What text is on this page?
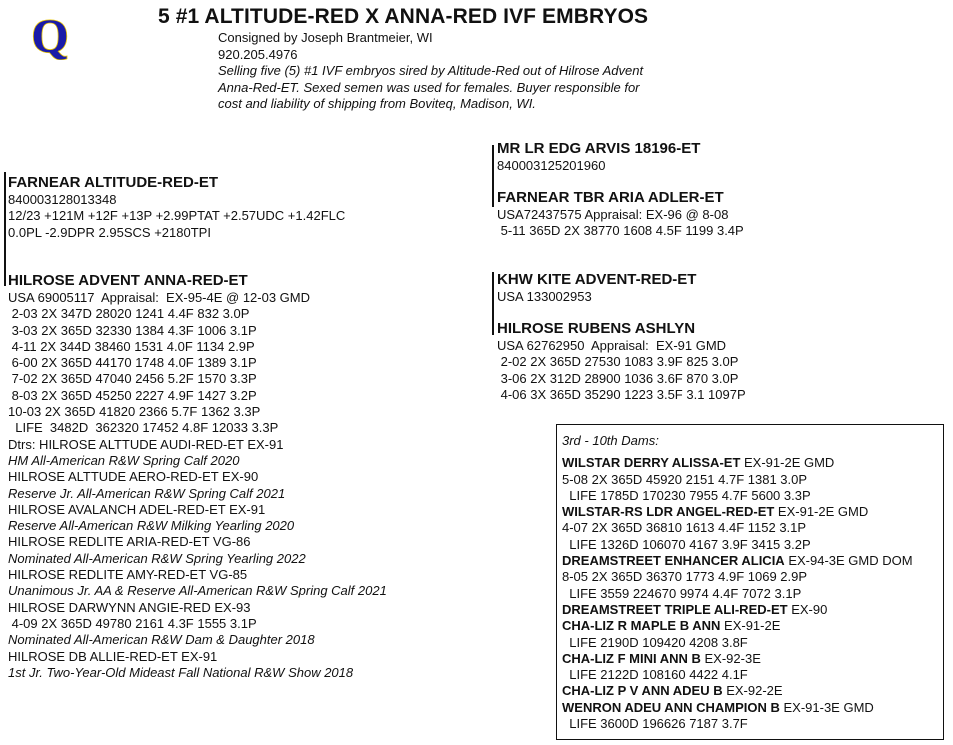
Q	5 #1 ALTITUDE-RED X ANNA-RED IVF EMBRYOS
Consigned by Joseph Brantmeier, WI
920.205.4976
Selling five (5) #1 IVF embryos sired by Altitude-Red out of Hilrose Advent
Anna-Red-ET. Sexed semen was used for females. Buyer responsible for
cost and liability of shipping from Boviteq, Madison, WI.
FARNEAR ALTITUDE-RED-ET
840003128013348
12/23 +121M +12F +13P +2.99PTAT +2.57UDC +1.42FLC
0.0PL -2.9DPR 2.95SCS +2180TPI
MR LR EDG ARVIS 18196-ET
840003125201960
FARNEAR TBR ARIA ADLER-ET
USA72437575 Appraisal: EX-96 @ 8-08
5-11 365D 2X 38770 1608 4.5F 1199 3.4P
HILROSE ADVENT ANNA-RED-ET
USA 69005117  Appraisal:  EX-95-4E @ 12-03 GMD
2-03 2X 347D 28020 1241 4.4F 832 3.0P
3-03 2X 365D 32330 1384 4.3F 1006 3.1P
4-11 2X 344D 38460 1531 4.0F 1134 2.9P
6-00 2X 365D 44170 1748 4.0F 1389 3.1P
7-02 2X 365D 47040 2456 5.2F 1570 3.3P
8-03 2X 365D 45250 2227 4.9F 1427 3.2P
10-03 2X 365D 41820 2366 5.7F 1362 3.3P
LIFE  3482D  362320 17452 4.8F 12033 3.3P
Dtrs: HILROSE ALTTUDE AUDI-RED-ET EX-91
HM All-American R&W Spring Calf 2020
HILROSE ALTTUDE AERO-RED-ET EX-90
Reserve Jr. All-American R&W Spring Calf 2021
HILROSE AVALANCH ADEL-RED-ET EX-91
Reserve All-American R&W Milking Yearling 2020
HILROSE REDLITE ARIA-RED-ET VG-86
Nominated All-American R&W Spring Yearling 2022
HILROSE REDLITE AMY-RED-ET VG-85
Unanimous Jr. AA & Reserve All-American R&W Spring Calf 2021
HILROSE DARWYNN ANGIE-RED EX-93
4-09 2X 365D 49780 2161 4.3F 1555 3.1P
Nominated All-American R&W Dam & Daughter 2018
HILROSE DB ALLIE-RED-ET EX-91
1st Jr. Two-Year-Old Mideast Fall National R&W Show 2018
KHW KITE ADVENT-RED-ET
USA 133002953
HILROSE RUBENS ASHLYN
USA 62762950  Appraisal:  EX-91 GMD
2-02 2X 365D 27530 1083 3.9F 825 3.0P
3-06 2X 312D 28900 1036 3.6F 870 3.0P
4-06 3X 365D 35290 1223 3.5F 3.1 1097P
3rd - 10th Dams:
WILSTAR DERRY ALISSA-ET EX-91-2E GMD
5-08 2X 365D 45920 2151 4.7F 1381 3.0P
LIFE 1785D 170230 7955 4.7F 5600 3.3P
WILSTAR-RS LDR ANGEL-RED-ET EX-91-2E GMD
4-07 2X 365D 36810 1613 4.4F 1152 3.1P
LIFE 1326D 106070 4167 3.9F 3415 3.2P
DREAMSTREET ENHANCER ALICIA EX-94-3E GMD DOM
8-05 2X 365D 36370 1773 4.9F 1069 2.9P
LIFE 3559 224670 9974 4.4F 7072 3.1P
DREAMSTREET TRIPLE ALI-RED-ET EX-90
CHA-LIZ R MAPLE B ANN EX-91-2E
LIFE 2190D 109420 4208 3.8F
CHA-LIZ F MINI ANN B EX-92-3E
LIFE 2122D 108160 4422 4.1F
CHA-LIZ P V ANN ADEU B EX-92-2E
WENRON ADEU ANN CHAMPION B EX-91-3E GMD
LIFE 3600D 196626 7187 3.7F
